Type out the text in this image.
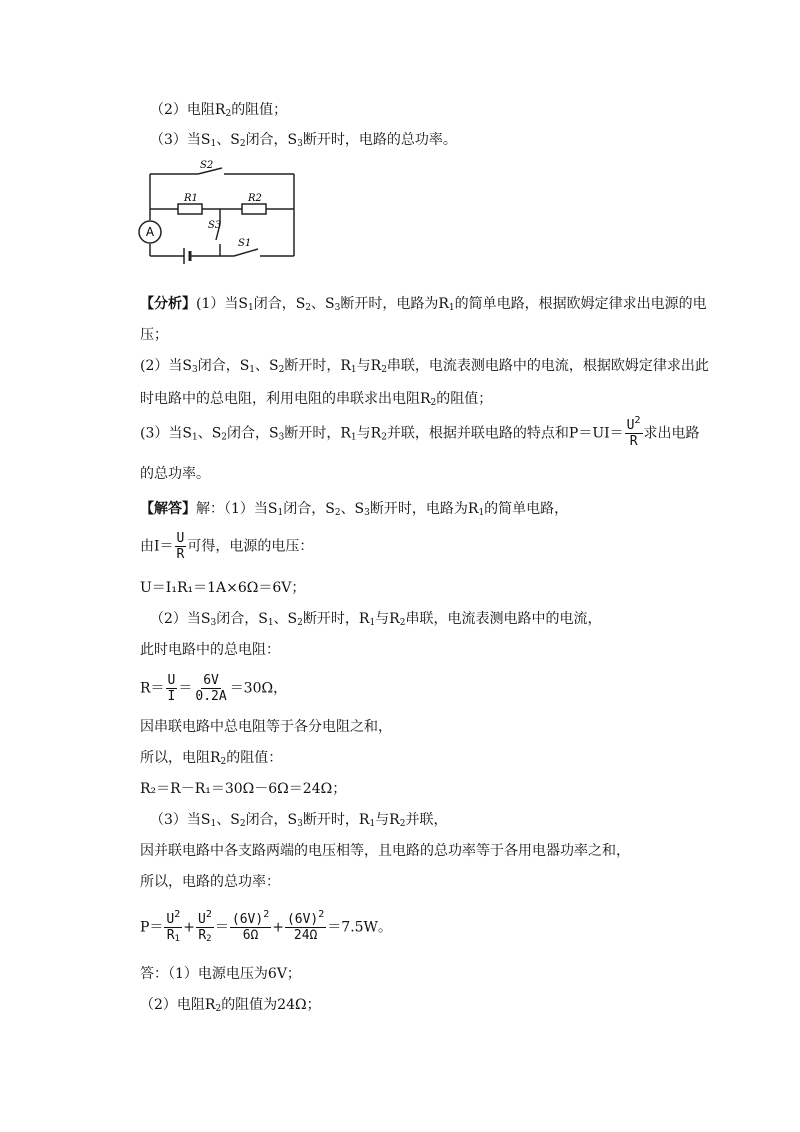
（2）电阻$R_2$的阻值；
（3）当$S_1$、$S_2$闭合，$S_3$断开时，电路的总功率。
A
S2
R1	R2
S3
S1
【分析】(1）当$S_1$闭合，$S_2$、$S_3$断开时，电路为$R_1$的简单电路，根据欧姆定律求出电源的电
压；
(2）当$S_3$闭合，$S_1$、$S_2$断开时，$R_1$与$R_2$串联，电流表测电路中的电流，根据欧姆定律求出此
时电路中的总电阻，利用电阻的串联求出电阻$R_2$的阻值；
(3）当$S_1$、$S_2$闭合，$S_3$断开时，$R_1$与$R_2$并联，根据并联电路的特点和$P=UI= \frac{U^2}{R}$ 求出电路
的总功率。
【解答】解：（1）当$S_1$闭合，$S_2$、$S_3$断开时，电路为$R_1$的简单电路，
由$I= \frac{U}{R}$ 可得，电源的电压：
U＝I₁R₁＝1A×6Ω＝6V；
（2）当$S_3$闭合，$S_1$、$S_2$断开时，$R_1$与$R_2$串联，电流表测电路中的电流，
此时电路中的总电阻：
$R= \frac{U}{I} = \frac{6V}{0.2A} =30\Omega$，
因串联电路中总电阻等于各分电阻之和，
所以，电阻$R_2$的阻值：
R₂＝R－R₁＝30Ω－6Ω＝24Ω；
（3）当$S_1$、$S_2$闭合，$S_3$断开时，$R_1$与$R_2$并联，
因并联电路中各支路两端的电压相等，且电路的总功率等于各用电器功率之和，
所以，电路的总功率：
$P= \frac{U^2}{R_1} + \frac{U^2}{R_2} = \frac{(6V)^2}{6\Omega} + \frac{(6V)^2}{24\Omega} =7.5W$。
答：（1）电源电压为6V；
（2）电阻$R_2$的阻值为24Ω；
